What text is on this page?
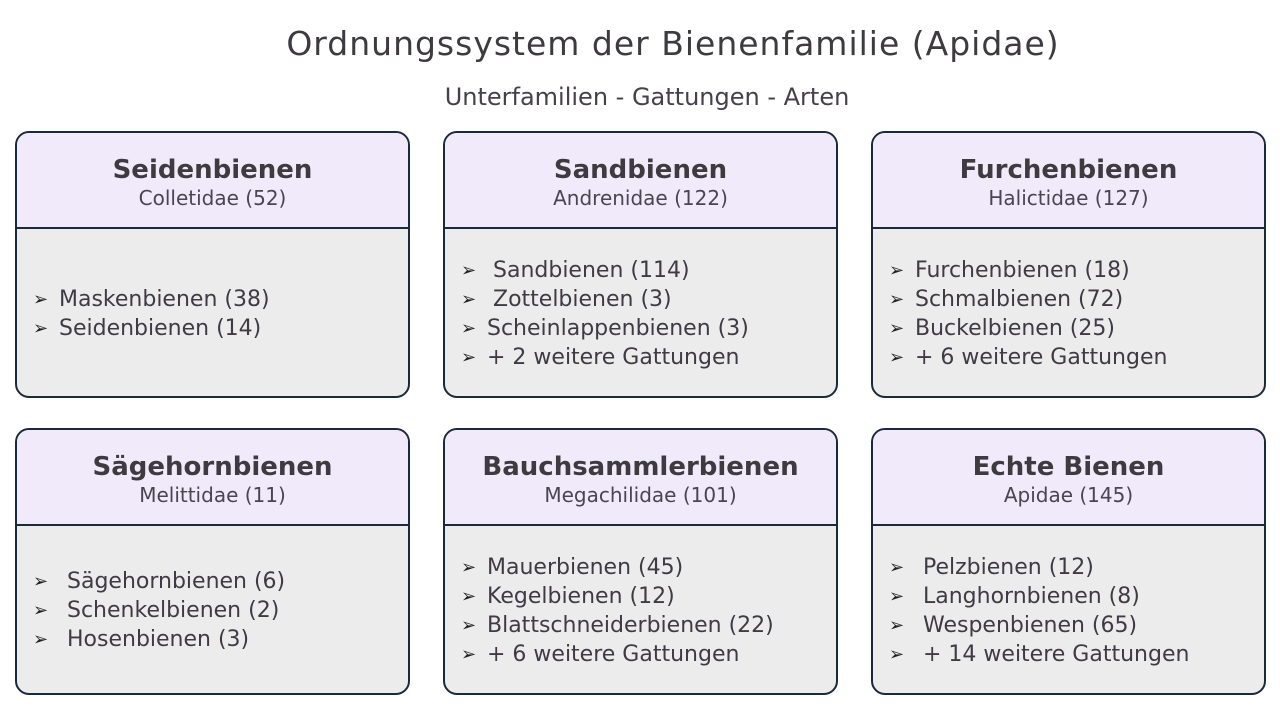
Ordnungssystem der Bienenfamilie (Apidae)
Unterfamilien - Gattungen - Arten
Seidenbienen
Colletidae (52)
➢ Maskenbienen (38)
➢ Seidenbienen (14)
Sandbienen
Andrenidae (122)
➢ Sandbienen (114)
➢ Zottelbienen (3)
➢ Scheinlappenbienen (3)
➢ + 2 weitere Gattungen
Furchenbienen
Halictidae (127)
➢ Furchenbienen (18)
➢ Schmalbienen (72)
➢ Buckelbienen (25)
➢ + 6 weitere Gattungen
Sägehornbienen
Melittidae (11)
➢ Sägehornbienen (6)
➢ Schenkelbienen (2)
➢ Hosenbienen (3)
Bauchsammlerbienen
Megachilidae (101)
➢ Mauerbienen (45)
➢ Kegelbienen (12)
➢ Blattschneiderbienen (22)
➢ + 6 weitere Gattungen
Echte Bienen
Apidae (145)
➢ Pelzbienen (12)
➢ Langhornbienen (8)
➢ Wespenbienen (65)
➢ + 14 weitere Gattungen
